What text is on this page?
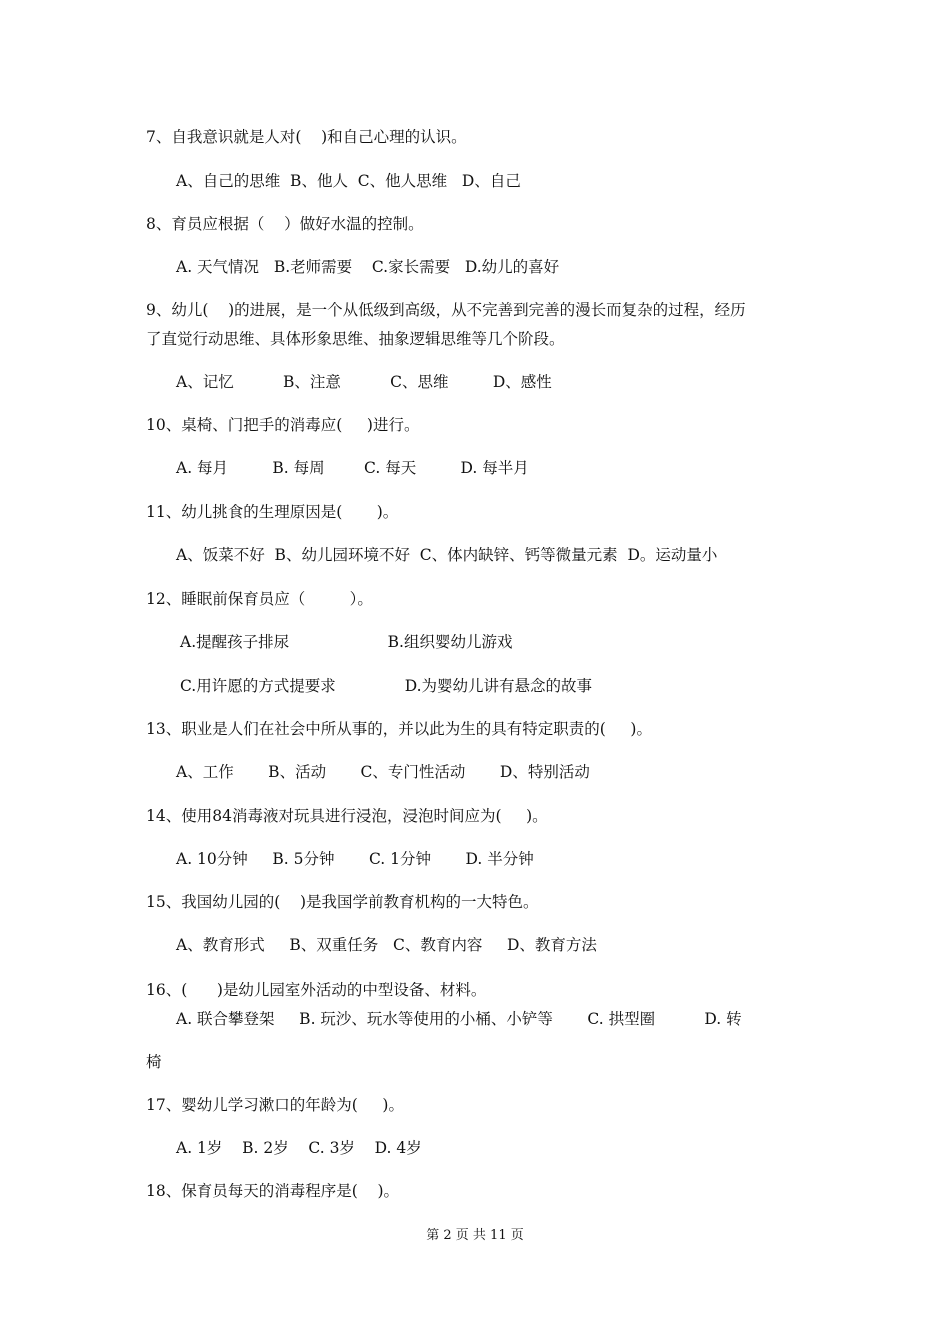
7、自我意识就是人对(    )和自己心理的认识。
A、自己的思维  B、他人  C、他人思维   D、自己
8、育员应根据（    ）做好水温的控制。
A. 天气情况   B.老师需要    C.家长需要   D.幼儿的喜好
9、幼儿(    )的进展，是一个从低级到高级，从不完善到完善的漫长而复杂的过程，经历
了直觉行动思维、具体形象思维、抽象逻辑思维等几个阶段。
A、记忆          B、注意          C、思维         D、感性
10、桌椅、门把手的消毒应(     )进行。
A. 每月         B. 每周        C. 每天         D. 每半月
11、幼儿挑食的生理原因是(       )。
A、饭菜不好  B、幼儿园环境不好  C、体内缺锌、钙等微量元素  D。运动量小
12、睡眠前保育员应（         ）。
A.提醒孩子排尿                    B.组织婴幼儿游戏
C.用许愿的方式提要求              D.为婴幼儿讲有悬念的故事
13、职业是人们在社会中所从事的，并以此为生的具有特定职责的(     )。
A、工作       B、活动       C、专门性活动       D、特别活动
14、使用84消毒液对玩具进行浸泡，浸泡时间应为(     )。
A. 10分钟     B. 5分钟       C. 1分钟       D. 半分钟
15、我国幼儿园的(    )是我国学前教育机构的一大特色。
A、教育形式     B、双重任务   C、教育内容     D、教育方法
16、(      )是幼儿园室外活动的中型设备、材料。
A. 联合攀登架     B. 玩沙、玩水等使用的小桶、小铲等       C. 拱型圈          D. 转
椅
17、婴幼儿学习漱口的年龄为(     )。
A. 1岁    B. 2岁    C. 3岁    D. 4岁
18、保育员每天的消毒程序是(    )。
第 2 页 共 11 页
